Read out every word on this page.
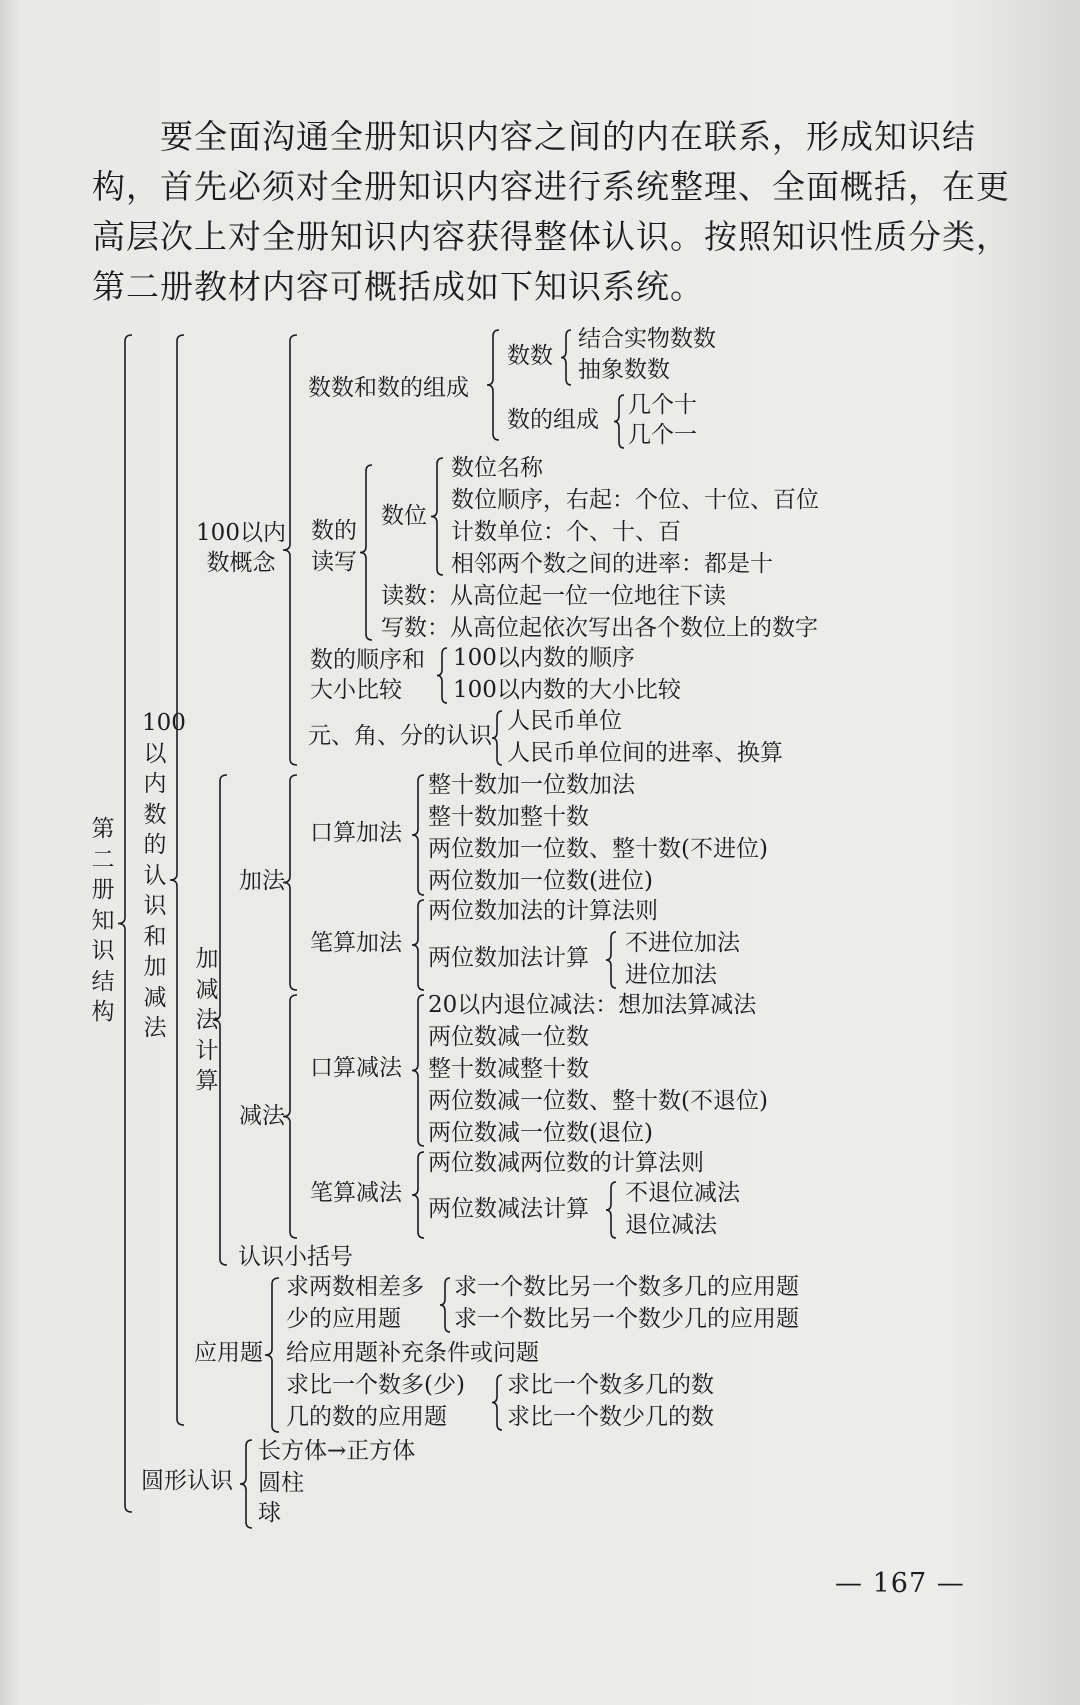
要全面沟通全册知识内容之间的内在联系，形成知识结构，首先必须对全册知识内容进行系统整理、全面概括，在更高层次上对全册知识内容获得整体认识。按照知识性质分类，第二册教材内容可概括成如下知识系统。

第二册知识结构
100以内数的认识和加减法
100以内数概念
数数和数的组成
数数
结合实物数数
抽象数数
数的组成
几个十
几个一
数的
读写
数位
数位名称
数位顺序，右起：个位、十位、百位
计数单位：个、十、百
相邻两个数之间的进率：都是十
读数：从高位起一位一位地往下读
写数：从高位起依次写出各个数位上的数字
数的顺序和
大小比较
100以内数的顺序
100以内数的大小比较
元、角、分的认识
人民币单位
人民币单位间的进率、换算
加减法计算
加法
口算加法
整十数加一位数加法
整十数加整十数
两位数加一位数、整十数(不进位)
两位数加一位数(进位)
笔算加法
两位数加法的计算法则
两位数加法计算
不进位加法
进位加法
减法
口算减法
20以内退位减法：想加法算减法
两位数减一位数
整十数减整十数
两位数减一位数、整十数(不退位)
两位数减一位数(退位)
笔算减法
两位数减两位数的计算法则
两位数减法计算
不退位减法
退位减法
认识小括号
应用题
求两数相差多
少的应用题
求一个数比另一个数多几的应用题
求一个数比另一个数少几的应用题
给应用题补充条件或问题
求比一个数多(少)
几的数的应用题
求比一个数多几的数
求比一个数少几的数
圆形认识
长方体→正方体
圆柱
球
— 167 —
